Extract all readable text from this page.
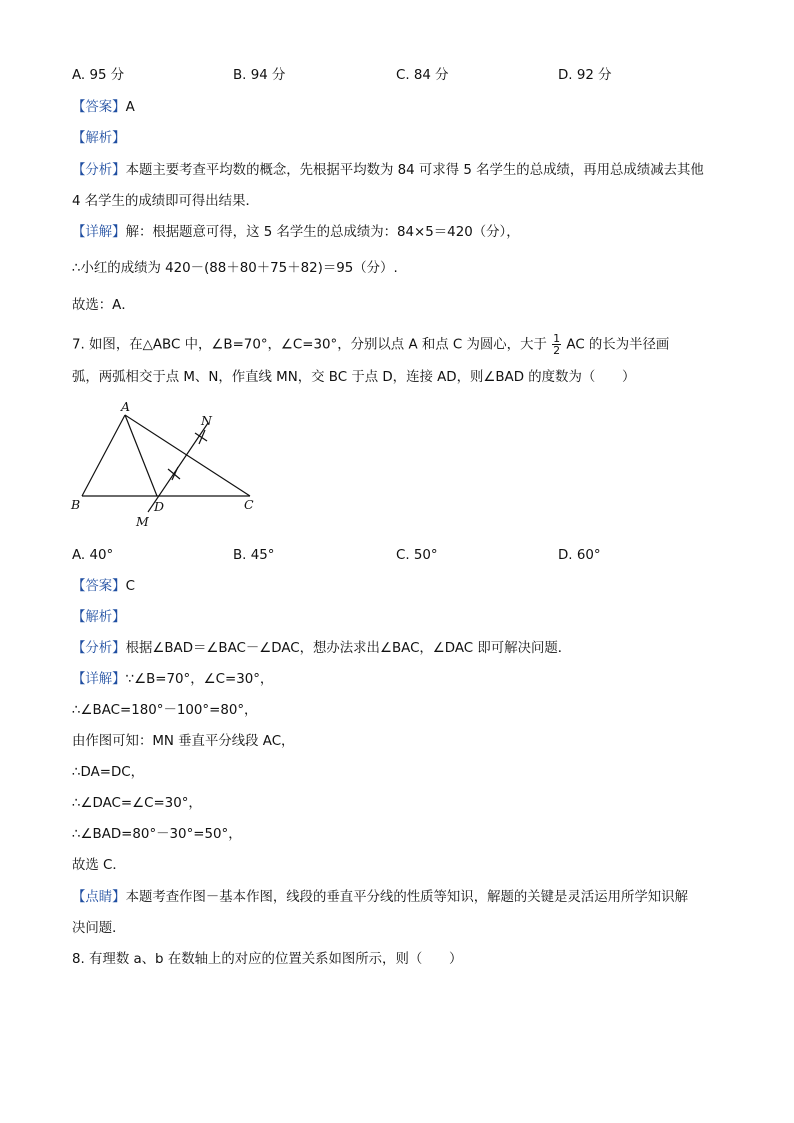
A. 95 分	B. 94 分	C. 84 分	D. 92 分
【答案】A
【解析】
【分析】本题主要考查平均数的概念，先根据平均数为 84 可求得 5 名学生的总成绩，再用总成绩减去其他
4 名学生的成绩即可得出结果．
【详解】解：根据题意可得，这 5 名学生的总成绩为：84×5＝420（分），
∴小红的成绩为 420－(88＋80＋75＋82)＝95（分）.
故选：A．
7. 如图，在△ABC 中，∠B=70°，∠C=30°，分别以点 A 和点 C 为圆心，大于 $\frac{1}{2}$ AC 的长为半径画
弧，两弧相交于点 M、N，作直线 MN，交 BC 于点 D，连接 AD，则∠BAD 的度数为（　　）
A
B	C
D
M
N
A. 40°	B. 45°	C. 50°	D. 60°
【答案】C
【解析】
【分析】根据∠BAD＝∠BAC－∠DAC，想办法求出∠BAC，∠DAC 即可解决问题．
【详解】∵∠B=70°，∠C=30°，
∴∠BAC=180°－100°=80°，
由作图可知：MN 垂直平分线段 AC，
∴DA=DC，
∴∠DAC=∠C=30°，
∴∠BAD=80°－30°=50°，
故选 C．
【点睛】本题考查作图－基本作图，线段的垂直平分线的性质等知识，解题的关键是灵活运用所学知识解
决问题．
8. 有理数 a、b 在数轴上的对应的位置关系如图所示，则（　　）
